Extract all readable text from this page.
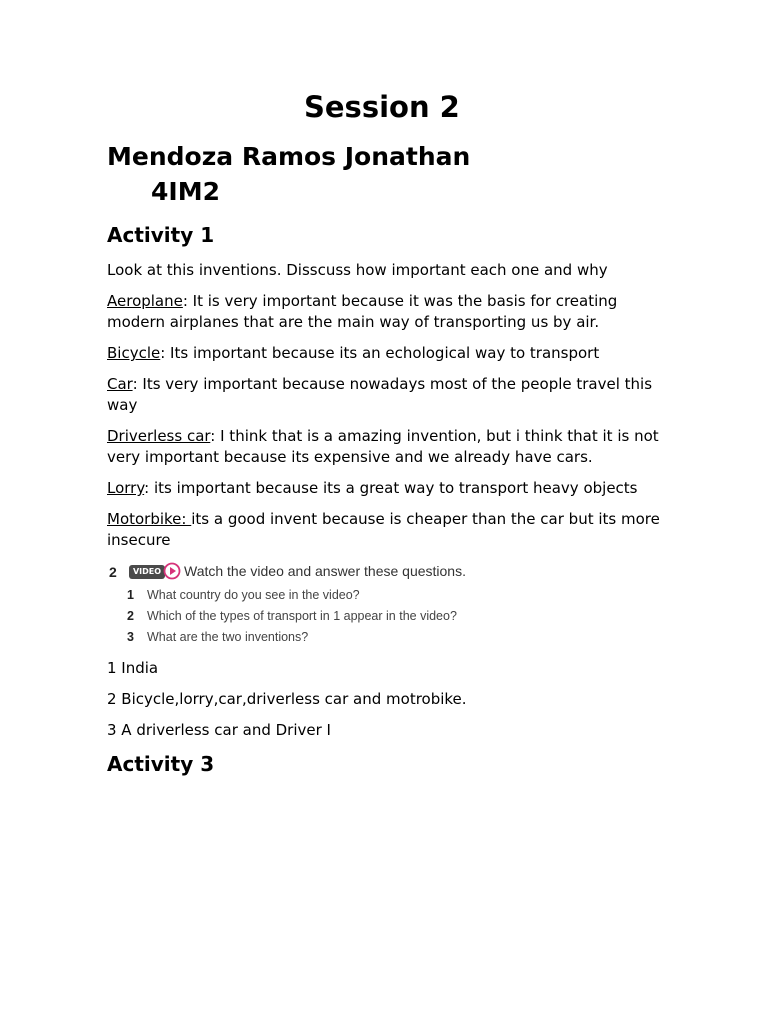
Session 2
Mendoza Ramos Jonathan
4IM2
Activity 1

Look at this inventions. Disscuss how important each one and why

Aeroplane: It is very important because it was the basis for creating modern airplanes that are the main way of transporting us by air.

Bicycle: Its important because its an echological way to transport

Car: Its very important because nowadays most of the people travel this way

Driverless car: I think that is a amazing invention, but i think that it is not very important because its expensive and we already have cars.

Lorry: its important because its a great way to transport heavy objects

Motorbike: its a good invent because is cheaper than the car but its more insecure

2	VIDEO Watch the video and answer these questions.
1 What country do you see in the video?
2 Which of the types of transport in 1 appear in the video?
3 What are the two inventions?

1 India

2 Bicycle,lorry,car,driverless car and motrobike.

3 A driverless car and Driver I

Activity 3
